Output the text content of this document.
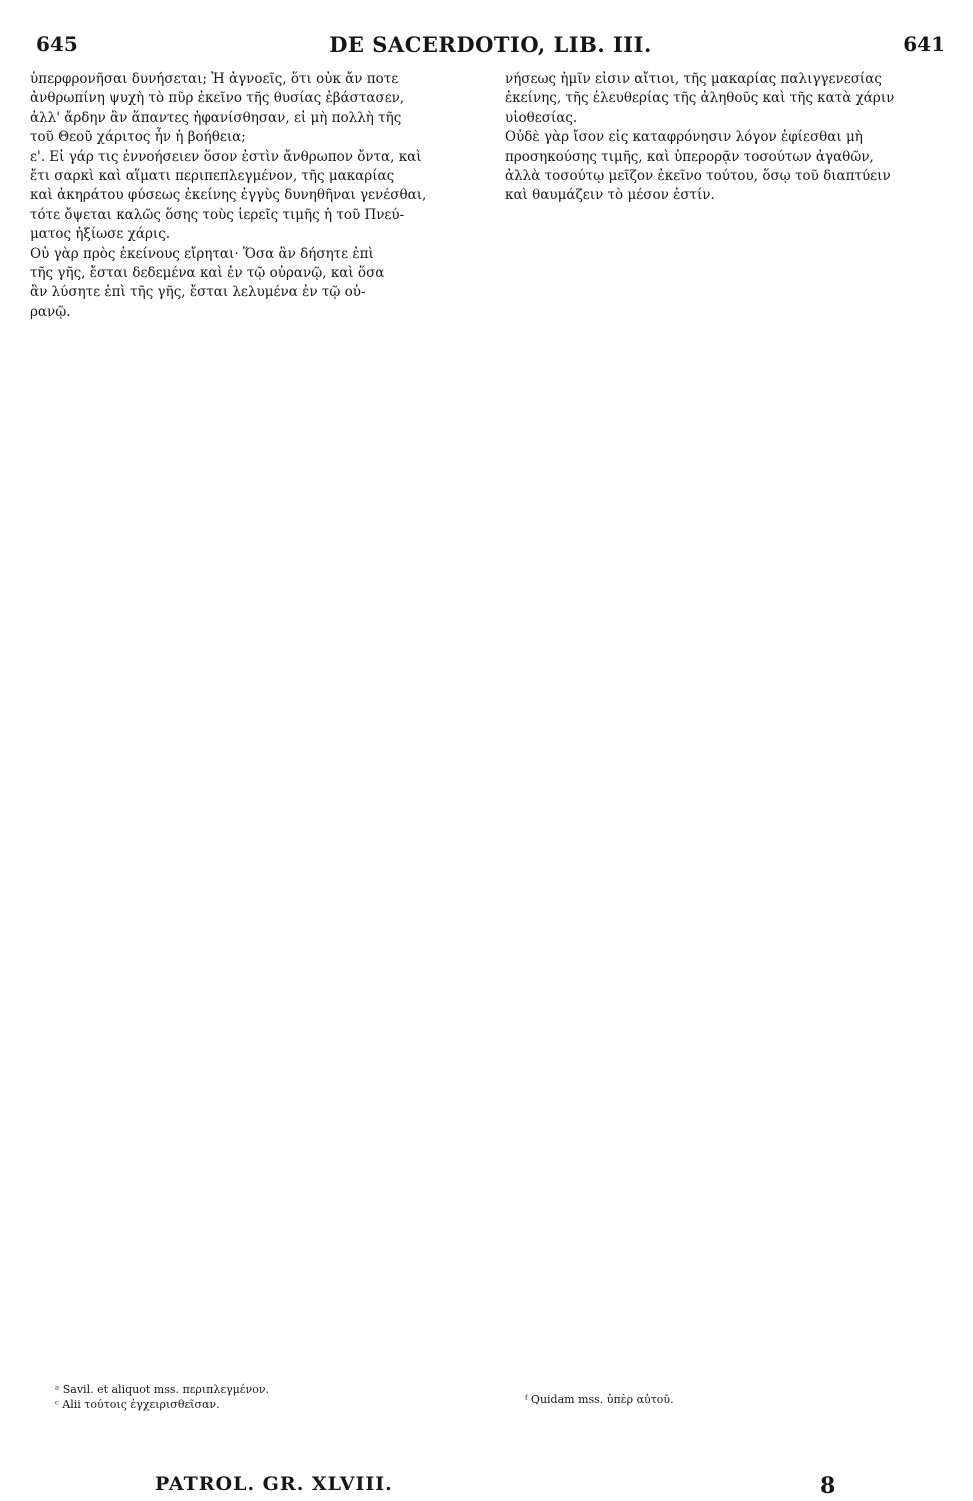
645	DE SACERDOTIO, LIB. III.	641

ὑπερφρονῆσαι δυνήσεται; Ἡ ἀγνοεῖς, ὅτι οὐκ ἄν ποτε

ἀνθρωπίνη ψυχὴ τὸ πῦρ ἐκεῖνο τῆς θυσίας ἐβάστασεν,

ἀλλ' ἄρδην ἂν ἅπαντες ἠφανίσθησαν, εἰ μὴ πολλὴ τῆς

τοῦ Θεοῦ χάριτος ἦν ἡ βοήθεια;

ε'. Εἰ γάρ τις ἐννοήσειεν ὅσον ἐστὶν ἄνθρωπον ὄντα, καὶ

ἔτι σαρκὶ καὶ αἵματι περιπεπλεγμένον, τῆς μακαρίας

καὶ ἀκηράτου φύσεως ἐκείνης ἐγγὺς δυνηθῆναι γενέσθαι,

τότε ὄψεται καλῶς ὅσης τοὺς ἱερεῖς τιμῆς ἡ τοῦ Πνεύ-

ματος ἠξίωσε χάρις.

Οὐ γὰρ πρὸς ἐκείνους εἴρηται· Ὅσα ἂν δήσητε ἐπὶ

τῆς γῆς, ἔσται δεδεμένα καὶ ἐν τῷ οὐρανῷ, καὶ ὅσα

ἂν λύσητε ἐπὶ τῆς γῆς, ἔσται λελυμένα ἐν τῷ οὐ-

ρανῷ.

νήσεως ἡμῖν εἰσιν αἴτιοι, τῆς μακαρίας παλιγγενεσίας

ἐκείνης, τῆς ἐλευθερίας τῆς ἀληθοῦς καὶ τῆς κατὰ χάριν

υἱοθεσίας.

Οὐδὲ γὰρ ἴσον εἰς καταφρόνησιν λόγον ἐφίεσθαι μὴ

προσηκούσης τιμῆς, καὶ ὑπερορᾷν τοσούτων ἀγαθῶν,

ἀλλὰ τοσούτῳ μεῖζον ἐκεῖνο τούτου, ὅσῳ τοῦ διαπτύειν

καὶ θαυμάζειν τὸ μέσον ἐστίν.

ᵃ Savil. et aliquot mss. περιπλεγμένον.
ᶜ Alii τούτοις ἐγχειρισθεῖσαν.	ᶠ Quidam mss. ὑπὲρ αὐτοῦ.
PATROL. GR. XLVIII.	8
